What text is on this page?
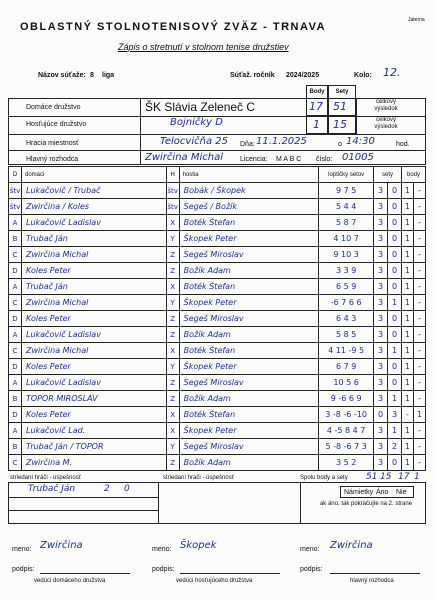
OBLASTNÝ STOLNOTENISOVÝ ZVÄZ - TRNAVA
Jaterna
Zápis o stretnutí v stolnom tenise družstiev
Názov súťaže: 8 liga	Súťaž. ročník 2024/2025	Kolo: 12.
Body	Sety
Domáce družstvo	ŠK Slávia Zeleneč C	17 51	celkový výsledok
Hosťujúce družstvo	Bojničky D	1 15	celkový výsledok
Hracia miestnosť	Telocvičňa 25 Dňa: 11.1.2025	o 14:30	hod.
Hlavný rozhodca	Zwirčina Michal Licencia: M A B C číslo: 01005
D	domáci	H	hostia	loptičky setov	sety		body	
štv	Lukačovič / Trubač	štv	Bobák / Škopek	9 7 5	3	0	1	-
štv	Zwirčina / Koles	štv	Segeš / Božík	5 4 4	3	0	1	-
A	Lukačovič Ladislav	X	Boték Štefan	5 8 7	3	0	1	-
B	Trubač Ján	Y	Škopek Peter	4 10 7	3	0	1	-
C	Zwirčina Michal	Z	Segeš Miroslav	9 10 3	3	0	1	-
D	Koles Peter	Z	Božík Adam	3 3 9	3	0	1	-
A	Trubač Ján	X	Boték Štefan	6 5 9	3	0	1	-
C	Zwirčina Michal	Y	Škopek Peter	-6 7 6 6	3	1	1	-
D	Koles Peter	Z	Segeš Miroslav	6 4 3	3	0	1	-
A	Lukačovič Ladislav	Z	Božík Adam	5 8 5	3	0	1	-
C	Zwirčina Michal	X	Boték Štefan	4 11 -9 5	3	1	1	-
D	Koles Peter	Y	Škopek Peter	6 7 9	3	0	1	-
A	Lukačovič Ladislav	Z	Segeš Miroslav	10 5 6	3	0	1	-
B	TOPOR MIROSLAV	Z	Božík Adam	9 -6 6 9	3	1	1	-
D	Koles Peter	X	Boték Štefan	3 -8 -6 -10	0	3	-	1
A	Lukačovič Lad.	X	Škopek Peter	4 -5 8 4 7	3	1	1	-
B	Trubač Ján / TOPOR	Y	Segeš Miroslav	5 -8 -6 7 3	3	2	1	-
C	Zwirčina M.	Z	Božík Adam	3 5 2	3	0	1	-
striedaní hráči - úspešnosť	striedaní hráči - úspešnosť	Spolu body a sety 51 15 17 1
Trubač Ján	2 0	Námietky Áno Nie
ak áno, tak pokračujte na 2. strane
meno: Zwirčina
podpis:
vedúci domáceho družstva
meno: Škopek
podpis:
vedúci hosťujúceho družstva
meno: Zwirčina
podpis:
hlavný rozhodca
